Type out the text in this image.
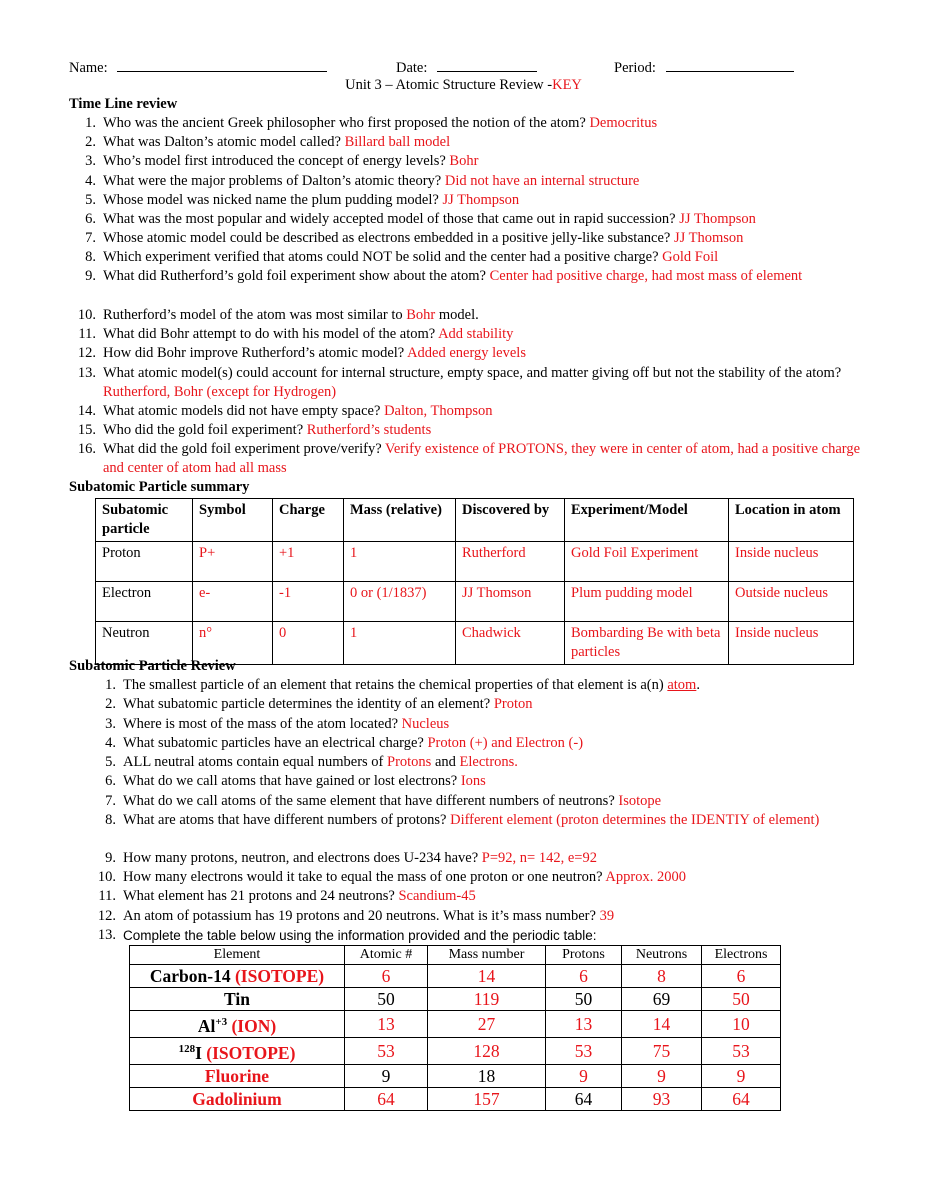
Name:	Date:	Period:
Unit 3 – Atomic Structure Review -KEY
Time Line review
1. Who was the ancient Greek philosopher who first proposed the notion of the atom? Democritus
2. What was Dalton’s atomic model called? Billard ball model
3. Who’s model first introduced the concept of energy levels? Bohr
4. What were the major problems of Dalton’s atomic theory? Did not have an internal structure
5. Whose model was nicked name the plum pudding model? JJ Thompson
6. What was the most popular and widely accepted model of those that came out in rapid succession? JJ Thompson
7. Whose atomic model could be described as electrons embedded in a positive jelly-like substance? JJ Thomson
8. Which experiment verified that atoms could NOT be solid and the center had a positive charge? Gold Foil
9. What did Rutherford’s gold foil experiment show about the atom? Center had positive charge, had most mass of element
10. Rutherford’s model of the atom was most similar to Bohr model.
11. What did Bohr attempt to do with his model of the atom? Add stability
12. How did Bohr improve Rutherford’s atomic model? Added energy levels
13. What atomic model(s) could account for internal structure, empty space, and matter giving off but not the stability of the atom? Rutherford, Bohr (except for Hydrogen)
14. What atomic models did not have empty space? Dalton, Thompson
15. Who did the gold foil experiment? Rutherford’s students
16. What did the gold foil experiment prove/verify? Verify existence of PROTONS, they were in center of atom, had a positive charge and center of atom had all mass
Subatomic Particle summary
Subatomic particle	Symbol	Charge	Mass (relative)	Discovered by	Experiment/Model	Location in atom
Proton	P+	+1	1	Rutherford	Gold Foil Experiment	Inside nucleus
Electron	e-	-1	0 or (1/1837)	JJ Thomson	Plum pudding model	Outside nucleus
Neutron	n°	0	1	Chadwick	Bombarding Be with beta particles	Inside nucleus
Subatomic Particle Review
1. The smallest particle of an element that retains the chemical properties of that element is a(n) atom.
2. What subatomic particle determines the identity of an element? Proton
3. Where is most of the mass of the atom located? Nucleus
4. What subatomic particles have an electrical charge? Proton (+) and Electron (-)
5. ALL neutral atoms contain equal numbers of Protons and Electrons.
6. What do we call atoms that have gained or lost electrons? Ions
7. What do we call atoms of the same element that have different numbers of neutrons? Isotope
8. What are atoms that have different numbers of protons? Different element (proton determines the IDENTIY of element)
9. How many protons, neutron, and electrons does U-234 have? P=92, n= 142, e=92
10. How many electrons would it take to equal the mass of one proton or one neutron? Approx. 2000
11. What element has 21 protons and 24 neutrons? Scandium-45
12. An atom of potassium has 19 protons and 20 neutrons. What is it’s mass number? 39
13. Complete the table below using the information provided and the periodic table:
Element	Atomic #	Mass number	Protons	Neutrons	Electrons
Carbon-14 (ISOTOPE)	6	14	6	8	6
Tin	50	119	50	69	50
$Al^{+3}$ (ION)	13	27	13	14	10
$^{128}$I (ISOTOPE)	53	128	53	75	53
Fluorine	9	18	9	9	9
Gadolinium	64	157	64	93	64
